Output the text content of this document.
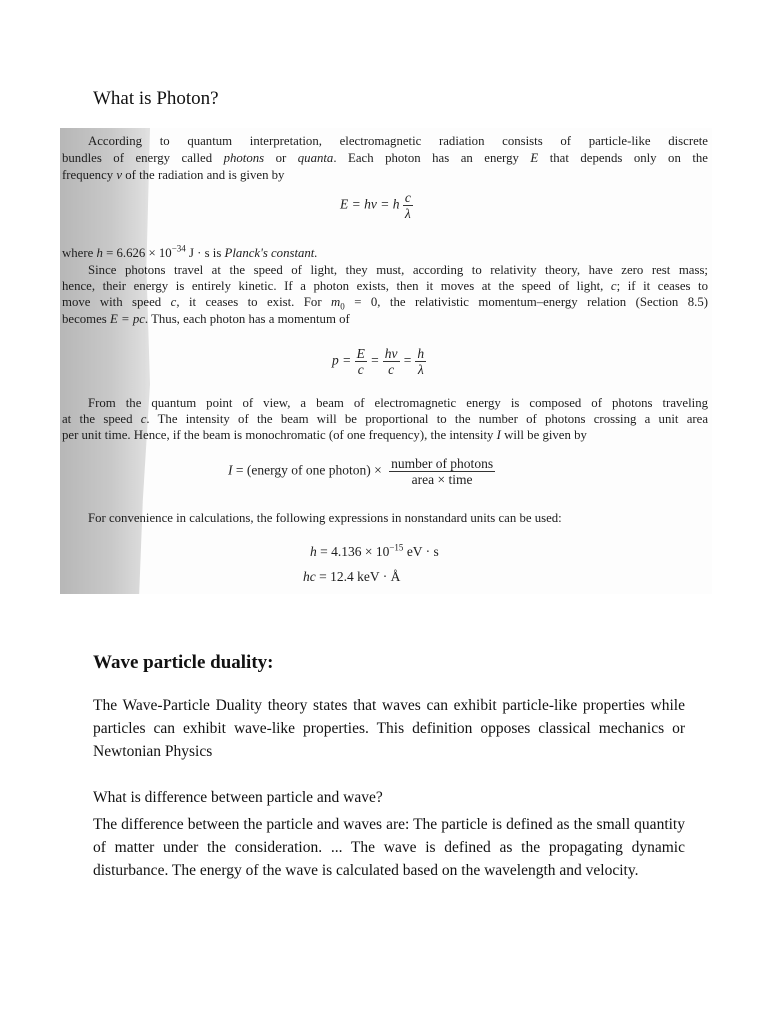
What is Photon?
According to quantum interpretation, electromagnetic radiation consists of particle-like discrete
bundles of energy called photons or quanta. Each photon has an energy E that depends only on the
frequency ν of the radiation and is given by
E = hν = h $\frac{c}{\lambda}$
where $h = 6.626 \times 10^{-34}$ J · s is Planck's constant.
Since photons travel at the speed of light, they must, according to relativity theory, have zero rest mass;
hence, their energy is entirely kinetic. If a photon exists, then it moves at the speed of light, c; if it ceases to
move with speed c, it ceases to exist. For $m_0 = 0$, the relativistic momentum–energy relation (Section 8.5)
becomes E = pc. Thus, each photon has a momentum of
$p = \frac{E}{c} = \frac{h\nu}{c} = \frac{h}{\lambda}$
From the quantum point of view, a beam of electromagnetic energy is composed of photons traveling
at the speed c. The intensity of the beam will be proportional to the number of photons crossing a unit area
per unit time. Hence, if the beam is monochromatic (of one frequency), the intensity I will be given by
I = (energy of one photon) × $\frac{\text{number of photons}}{\text{area × time}}$
For convenience in calculations, the following expressions in nonstandard units can be used:
$h = 4.136 \times 10^{-15}$ eV · s
hc = 12.4 keV · Å
Wave particle duality:

The Wave-Particle Duality theory states that waves can exhibit particle-like properties while particles can exhibit wave-like properties. This definition opposes classical mechanics or Newtonian Physics

What is difference between particle and wave?

The difference between the particle and waves are: The particle is defined as the small quantity of matter under the consideration. ... The wave is defined as the propagating dynamic disturbance. The energy of the wave is calculated based on the wavelength and velocity.
